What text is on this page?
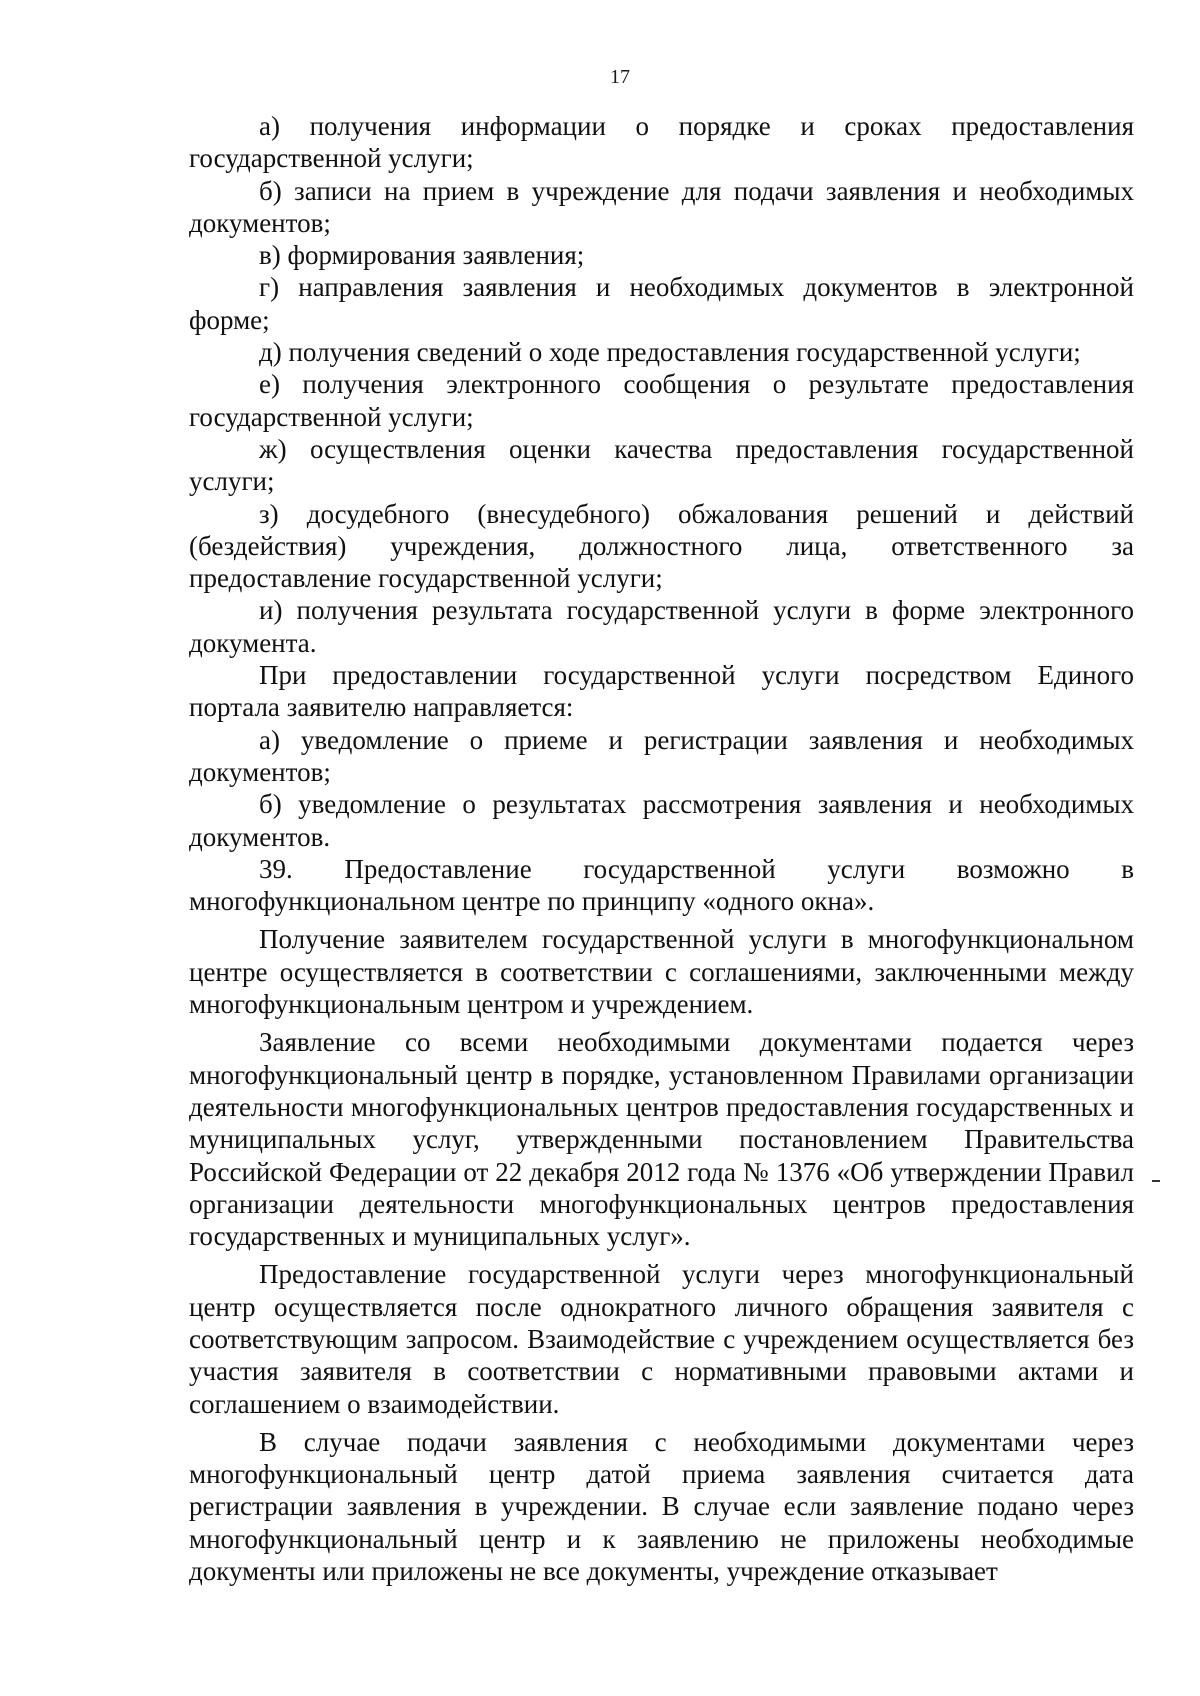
17

а) получения информации о порядке и сроках предоставления государственной услуги;

б) записи на прием в учреждение для подачи заявления и необходимых документов;

в) формирования заявления;

г) направления заявления и необходимых документов в электронной форме;

д) получения сведений о ходе предоставления государственной услуги;

е) получения электронного сообщения о результате предоставления государственной услуги;

ж) осуществления оценки качества предоставления государственной услуги;

з) досудебного (внесудебного) обжалования решений и действий (бездействия) учреждения, должностного лица, ответственного за предоставление государственной услуги;

и) получения результата государственной услуги в форме электронного документа.

При предоставлении государственной услуги посредством Единого портала заявителю направляется:

а) уведомление о приеме и регистрации заявления и необходимых документов;

б) уведомление о результатах рассмотрения заявления и необходимых документов.

39. Предоставление государственной услуги возможно в многофункциональном центре по принципу «одного окна».

Получение заявителем государственной услуги в многофункциональном центре осуществляется в соответствии с соглашениями, заключенными между многофункциональным центром и учреждением.

Заявление со всеми необходимыми документами подается через многофункциональный центр в порядке, установленном Правилами организации деятельности многофункциональных центров предоставления государственных и муниципальных услуг, утвержденными постановлением Правительства Российской Федерации от 22 декабря 2012 года № 1376 «Об утверждении Правил организации деятельности многофункциональных центров предоставления государственных и муниципальных услуг».

Предоставление государственной услуги через многофункциональный центр осуществляется после однократного личного обращения заявителя с соответствующим запросом. Взаимодействие с учреждением осуществляется без участия заявителя в соответствии с нормативными правовыми актами и соглашением о взаимодействии.

В случае подачи заявления с необходимыми документами через многофункциональный центр датой приема заявления считается дата регистрации заявления в учреждении. В случае если заявление подано через многофункциональный центр и к заявлению не приложены необходимые документы или приложены не все документы, учреждение отказывает
